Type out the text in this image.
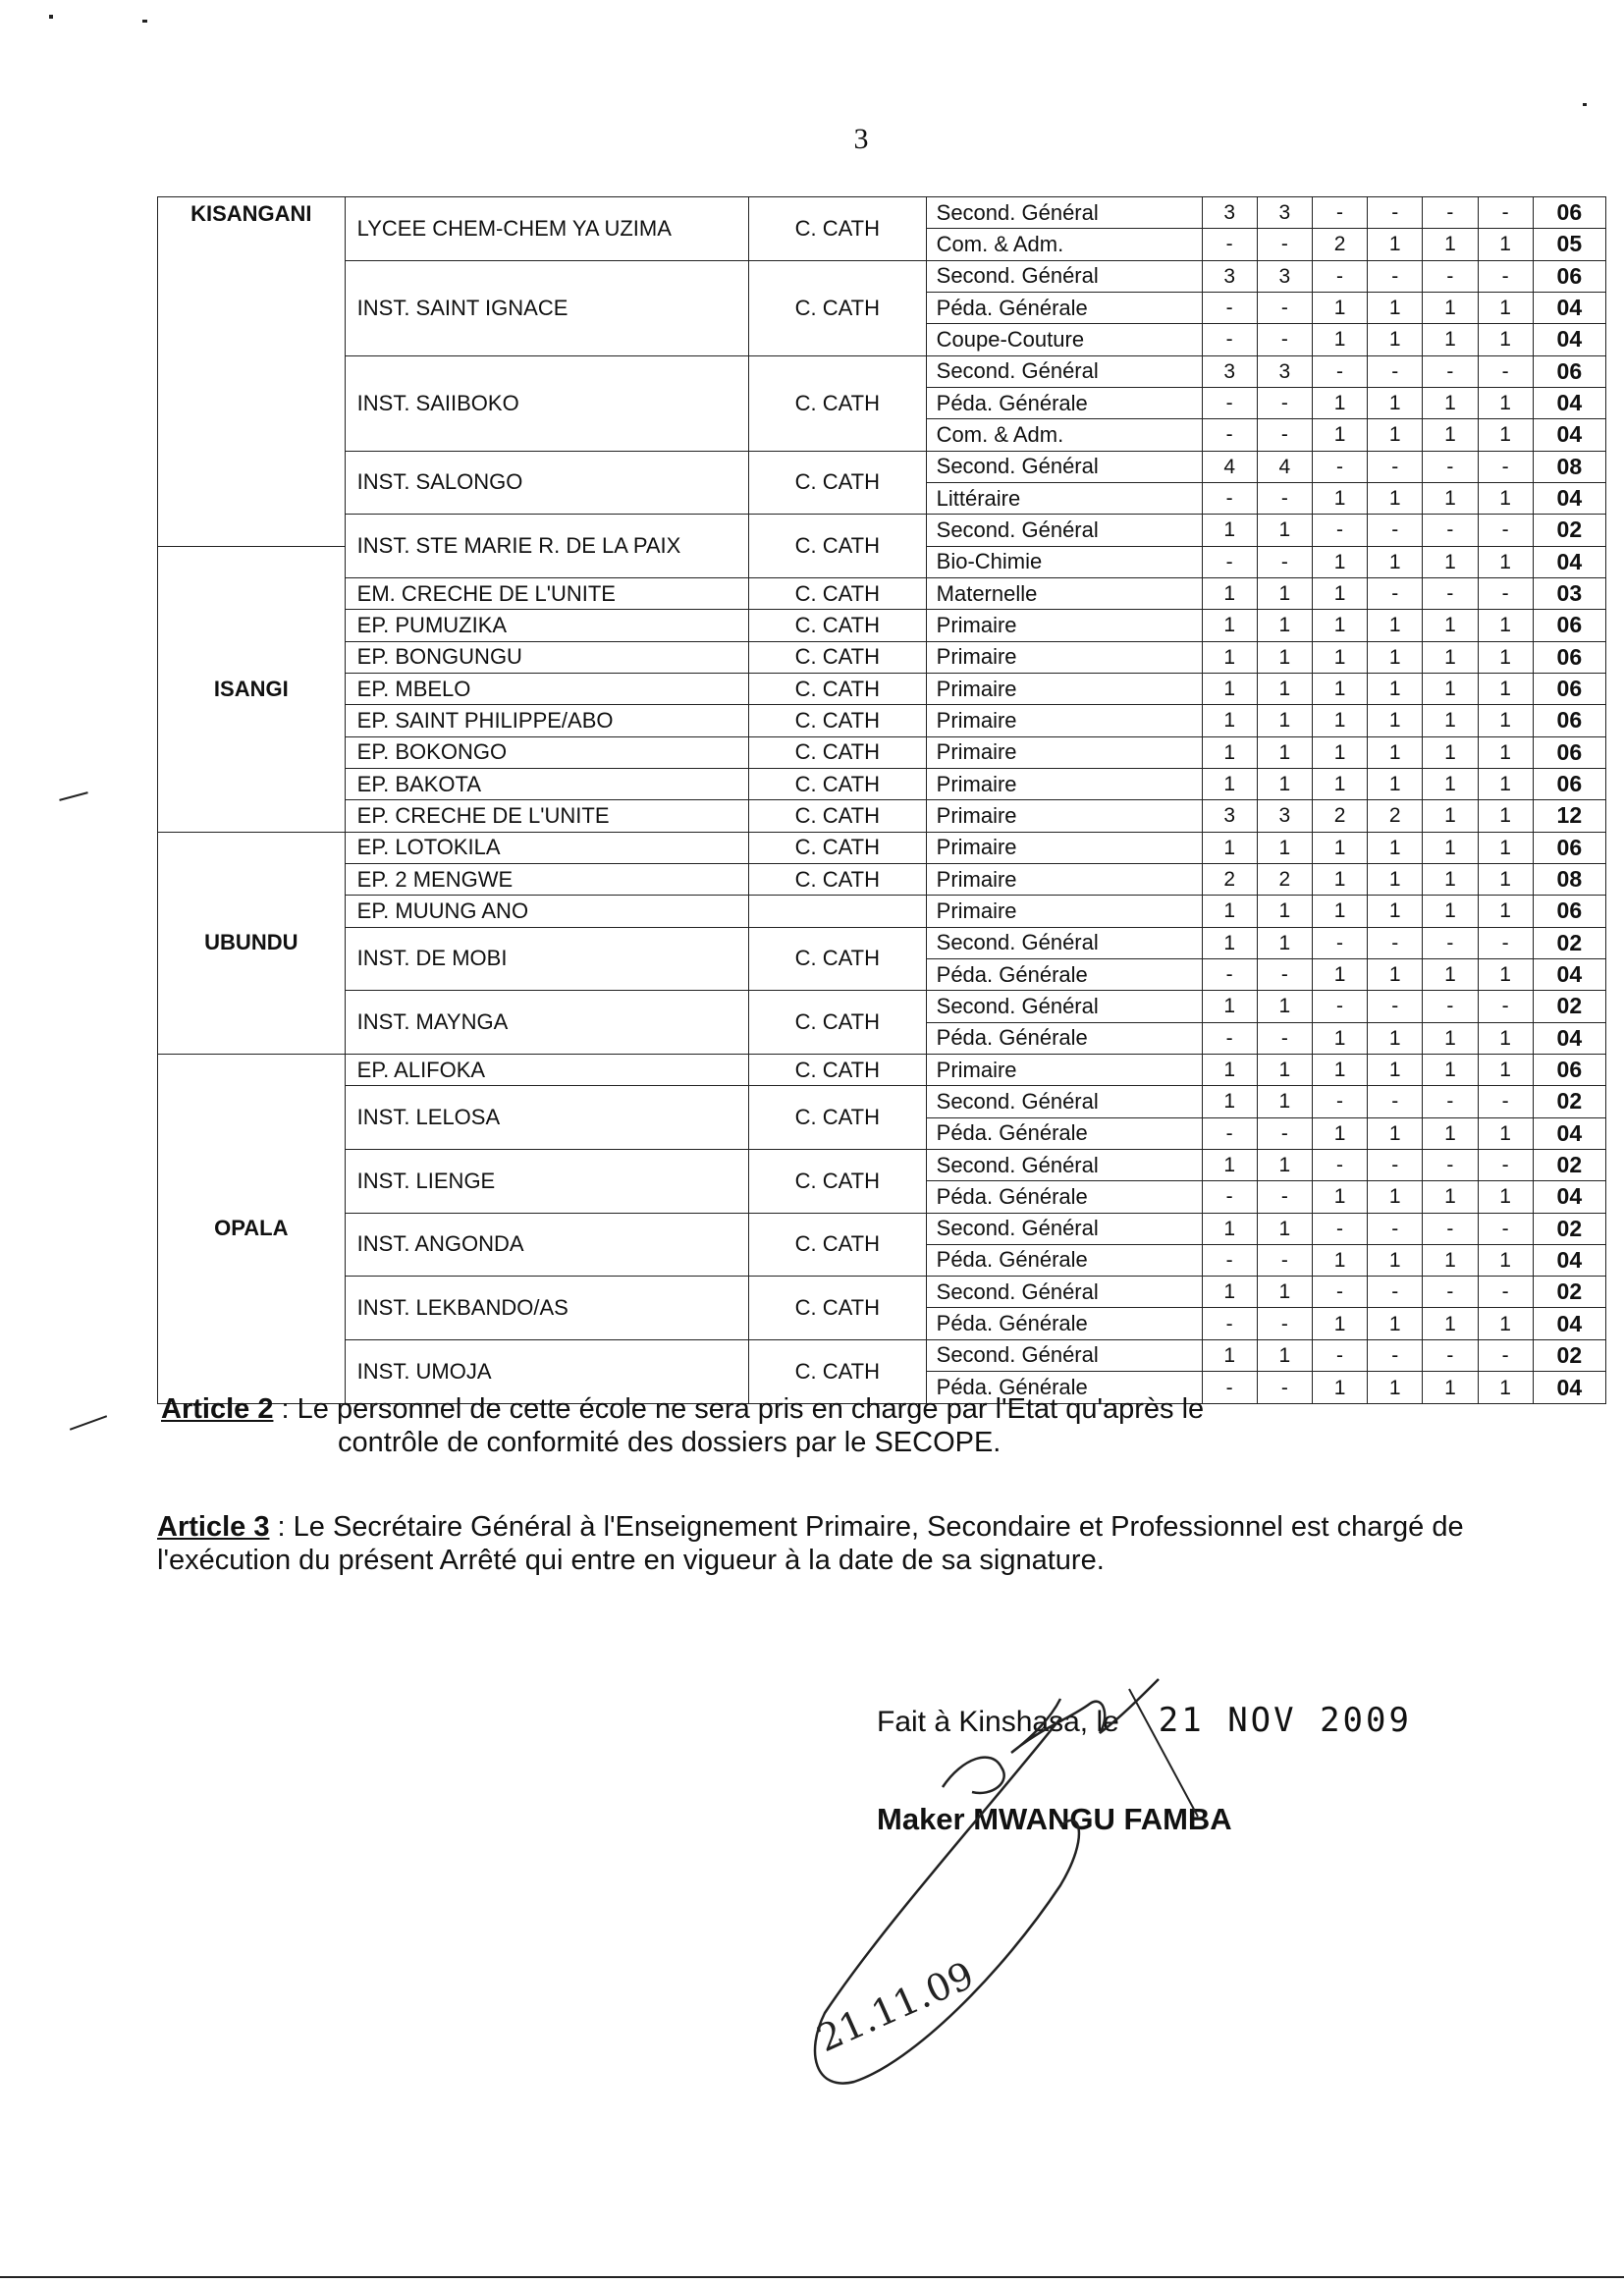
3
KISANGANI	LYCEE CHEM-CHEM YA UZIMA	C. CATH	Second. Général	3	3	-	-	-	-	06
			Com. & Adm.	-	-	2	1	1	1	05
	INST. SAINT IGNACE	C. CATH	Second. Général	3	3	-	-	-	-	06
			Péda. Générale	-	-	1	1	1	1	04
			Coupe-Couture	-	-	1	1	1	1	04
	INST. SAIIBOKO	C. CATH	Second. Général	3	3	-	-	-	-	06
			Péda. Générale	-	-	1	1	1	1	04
			Com. & Adm.	-	-	1	1	1	1	04
	INST. SALONGO	C. CATH	Second. Général	4	4	-	-	-	-	08
			Littéraire	-	-	1	1	1	1	04
	INST. STE MARIE R. DE LA PAIX	C. CATH	Second. Général	1	1	-	-	-	-	02
ISANGI			Bio-Chimie	-	-	1	1	1	1	04
	EM. CRECHE DE L'UNITE	C. CATH	Maternelle	1	1	1	-	-	-	03
	EP. PUMUZIKA	C. CATH	Primaire	1	1	1	1	1	1	06
	EP. BONGUNGU	C. CATH	Primaire	1	1	1	1	1	1	06
	EP. MBELO	C. CATH	Primaire	1	1	1	1	1	1	06
	EP. SAINT PHILIPPE/ABO	C. CATH	Primaire	1	1	1	1	1	1	06
	EP. BOKONGO	C. CATH	Primaire	1	1	1	1	1	1	06
	EP. BAKOTA	C. CATH	Primaire	1	1	1	1	1	1	06
	EP. CRECHE DE L'UNITE	C. CATH	Primaire	3	3	2	2	1	1	12
UBUNDU	EP. LOTOKILA	C. CATH	Primaire	1	1	1	1	1	1	06
	EP. 2 MENGWE	C. CATH	Primaire	2	2	1	1	1	1	08
	EP. MUUNG ANO		Primaire	1	1	1	1	1	1	06
	INST. DE MOBI	C. CATH	Second. Général	1	1	-	-	-	-	02
			Péda. Générale	-	-	1	1	1	1	04
	INST. MAYNGA	C. CATH	Second. Général	1	1	-	-	-	-	02
			Péda. Générale	-	-	1	1	1	1	04
OPALA	EP. ALIFOKA	C. CATH	Primaire	1	1	1	1	1	1	06
	INST. LELOSA	C. CATH	Second. Général	1	1	-	-	-	-	02
			Péda. Générale	-	-	1	1	1	1	04
	INST. LIENGE	C. CATH	Second. Général	1	1	-	-	-	-	02
			Péda. Générale	-	-	1	1	1	1	04
	INST. ANGONDA	C. CATH	Second. Général	1	1	-	-	-	-	02
			Péda. Générale	-	-	1	1	1	1	04
	INST. LEKBANDO/AS	C. CATH	Second. Général	1	1	-	-	-	-	02
			Péda. Générale	-	-	1	1	1	1	04
	INST. UMOJA	C. CATH	Second. Général	1	1	-	-	-	-	02
			Péda. Générale	-	-	1	1	1	1	04
Article 2 : Le personnel de cette école ne sera pris en charge par l'Etat qu'après le
contrôle de conformité des dossiers par le SECOPE.
Article 3 : Le Secrétaire Général à l'Enseignement Primaire, Secondaire et Professionnel est chargé de l'exécution du présent Arrêté qui entre en vigueur à la date de sa signature.
Fait à Kinshasa, le 21 NOV 2009
Maker MWANGU FAMBA
21.11.09
